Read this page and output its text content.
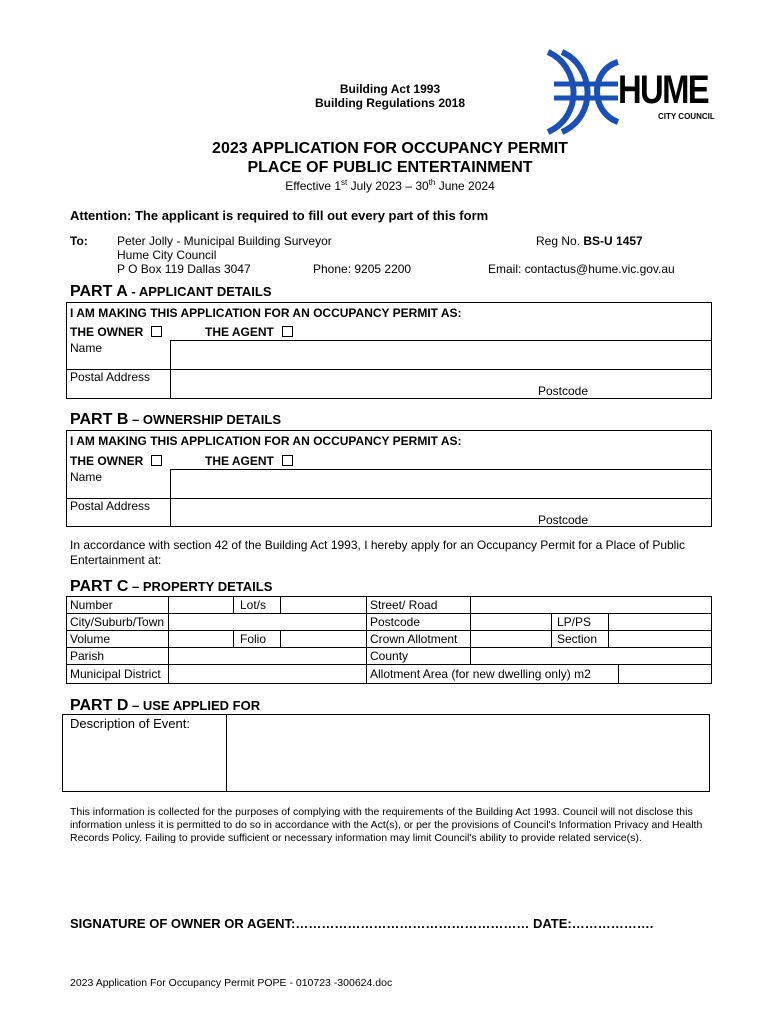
Building Act 1993
Building Regulations 2018	HUME
CITY COUNCIL
2023 APPLICATION FOR OCCUPANCY PERMIT
PLACE OF PUBLIC ENTERTAINMENT
Effective 1st July 2023 – 30th June 2024
Attention: The applicant is required to fill out every part of this form
To: Peter Jolly - Municipal Building Surveyor
Hume City Council
P O Box 119 Dallas 3047	Phone: 9205 2200
Reg No. BS-U 1457
Email: contactus@hume.vic.gov.au
PART A - APPLICANT DETAILS
I AM MAKING THIS APPLICATION FOR AN OCCUPANCY PERMIT AS:
THE OWNER	THE AGENT
Name
Postal Address
Postcode
PART B – OWNERSHIP DETAILS
I AM MAKING THIS APPLICATION FOR AN OCCUPANCY PERMIT AS:
THE OWNER	THE AGENT
Name
Postal Address
Postcode
In accordance with section 42 of the Building Act 1993, I hereby apply for an Occupancy Permit for a Place of Public Entertainment at:
PART C – PROPERTY DETAILS
Number	Lot/s	Street/ Road
City/Suburb/Town	Postcode	LP/PS
Volume	Folio	Crown Allotment	Section
Parish	County
Municipal District	Allotment Area (for new dwelling only) m2
PART D – USE APPLIED FOR
Description of Event:
This information is collected for the purposes of complying with the requirements of the Building Act 1993. Council will not disclose this information unless it is permitted to do so in accordance with the Act(s), or per the provisions of Council's Information Privacy and Health Records Policy. Failing to provide sufficient or necessary information may limit Council's ability to provide related service(s).
SIGNATURE OF OWNER OR AGENT:……………………………………………… DATE:……………….
2023 Application For Occupancy Permit POPE - 010723 -300624.doc
